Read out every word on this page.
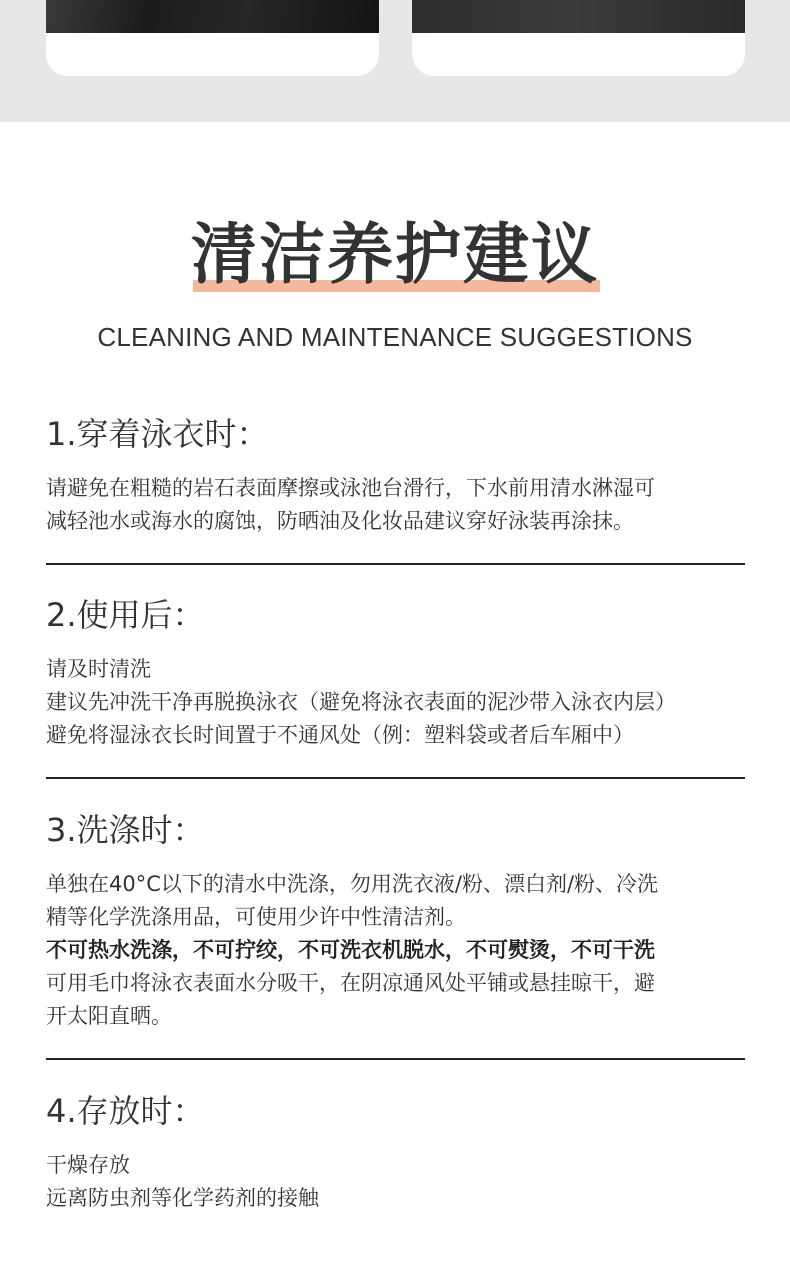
清洁养护建议
CLEANING AND MAINTENANCE SUGGESTIONS
1.穿着泳衣时：
请避免在粗糙的岩石表面摩擦或泳池台滑行，下水前用清水淋湿可
减轻池水或海水的腐蚀，防晒油及化妆品建议穿好泳装再涂抹。
2.使用后：
请及时清洗
建议先冲洗干净再脱换泳衣（避免将泳衣表面的泥沙带入泳衣内层）
避免将湿泳衣长时间置于不通风处（例：塑料袋或者后车厢中）
3.洗涤时：
单独在40°C以下的清水中洗涤，勿用洗衣液/粉、漂白剂/粉、冷洗
精等化学洗涤用品，可使用少许中性清洁剂。
不可热水洗涤，不可拧绞，不可洗衣机脱水，不可熨烫，不可干洗
可用毛巾将泳衣表面水分吸干，在阴凉通风处平铺或悬挂晾干，避
开太阳直晒。
4.存放时：
干燥存放
远离防虫剂等化学药剂的接触
